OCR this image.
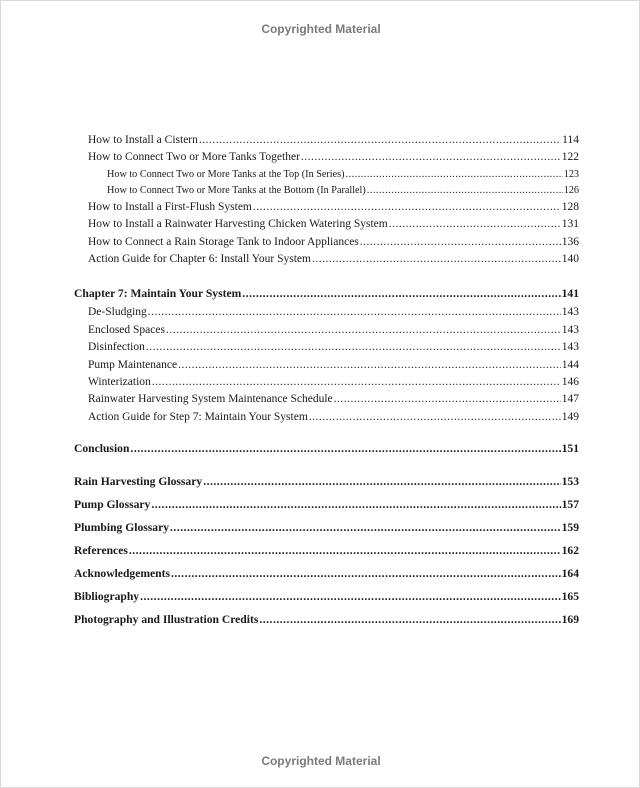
Copyrighted Material
How to Install a Cistern .....	114
How to Connect Two or More Tanks Together .....	122
How to Connect Two or More Tanks at the Top (In Series) .....	123
How to Connect Two or More Tanks at the Bottom (In Parallel) .....	126
How to Install a First-Flush System .....	128
How to Install a Rainwater Harvesting Chicken Watering System .....	131
How to Connect a Rain Storage Tank to Indoor Appliances .....	136
Action Guide for Chapter 6: Install Your System .....	140
Chapter 7: Maintain Your System .....	141
De-Sludging .....	143
Enclosed Spaces .....	143
Disinfection .....	143
Pump Maintenance .....	144
Winterization .....	146
Rainwater Harvesting System Maintenance Schedule .....	147
Action Guide for Step 7: Maintain Your System .....	149
Conclusion .....	151
Rain Harvesting Glossary .....	153
Pump Glossary .....	157
Plumbing Glossary .....	159
References .....	162
Acknowledgements .....	164
Bibliography .....	165
Photography and Illustration Credits .....	169
Copyrighted Material
